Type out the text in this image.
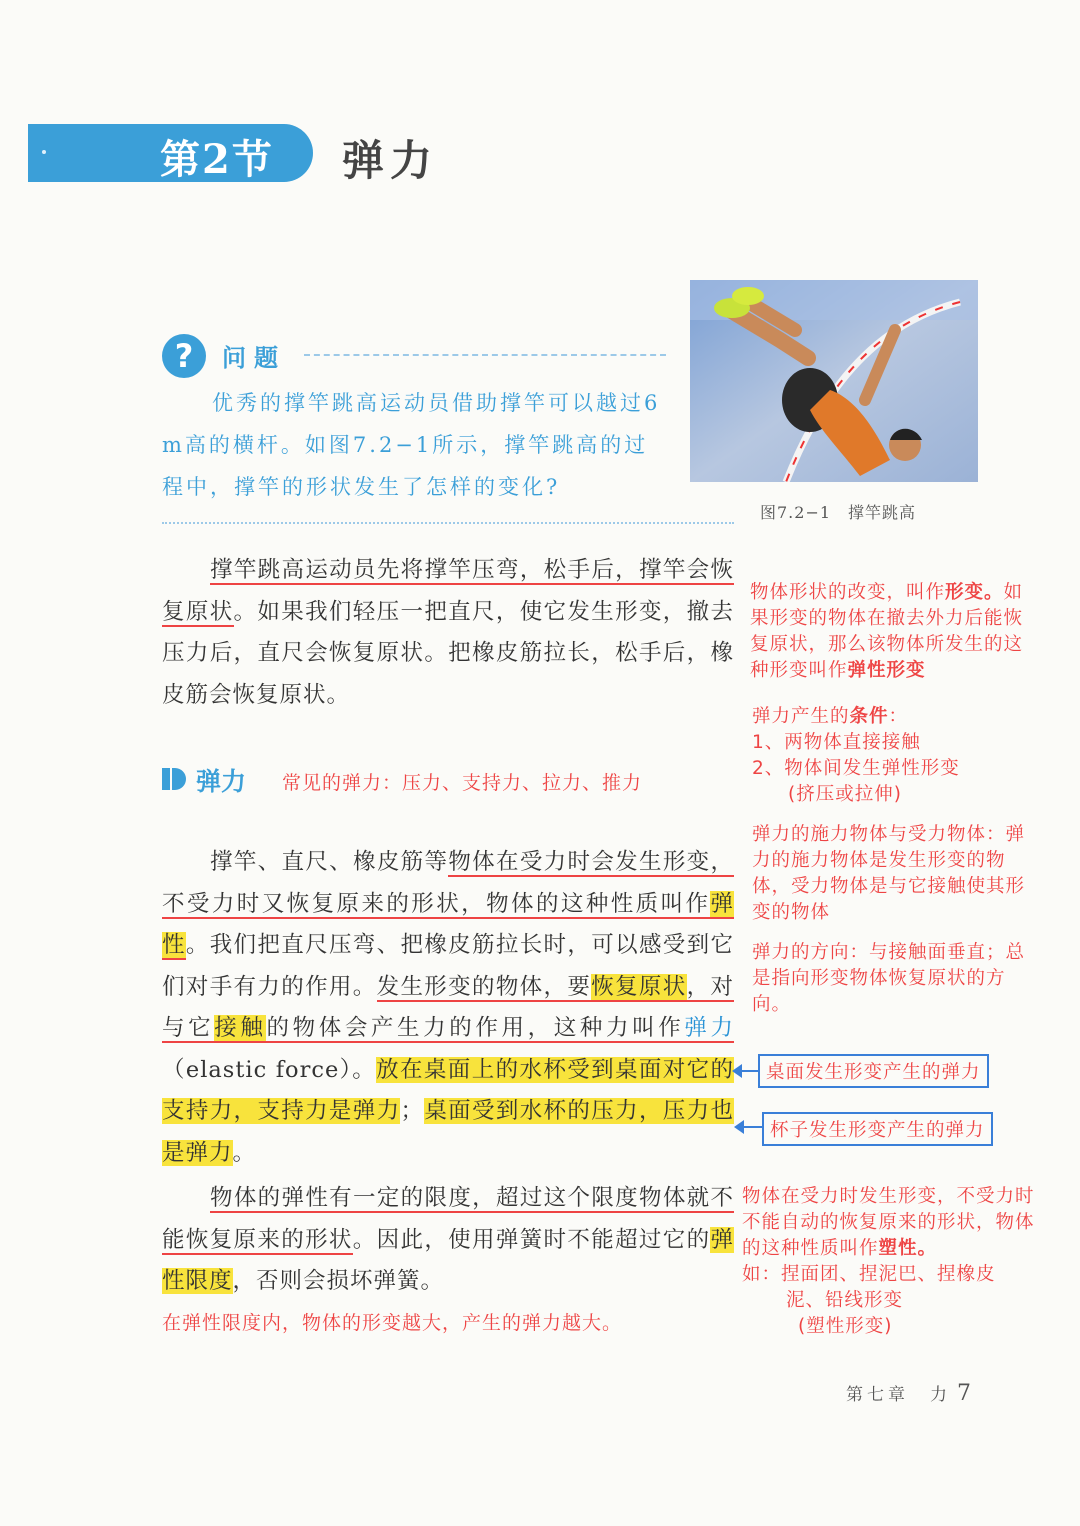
第2节 弹力
?	问题
优秀的撑竿跳高运动员借助撑竿可以越过6 m高的横杆。如图7.2−1所示，撑竿跳高的过程中，撑竿的形状发生了怎样的变化?
图7.2−1　撑竿跳高
撑竿跳高运动员先将撑竿压弯，松手后，撑竿会恢复原状。如果我们轻压一把直尺，使它发生形变，撤去压力后，直尺会恢复原状。把橡皮筋拉长，松手后，橡皮筋会恢复原状。
弹力 常见的弹力：压力、支持力、拉力、推力
撑竿、直尺、橡皮筋等物体在受力时会发生形变，不受力时又恢复原来的形状，物体的这种性质叫作弹性。我们把直尺压弯、把橡皮筋拉长时，可以感受到它们对手有力的作用。发生形变的物体，要恢复原状，对与它接触的物体会产生力的作用，这种力叫作弹力（elastic force）。放在桌面上的水杯受到桌面对它的支持力，支持力是弹力；桌面受到水杯的压力，压力也是弹力。
物体的弹性有一定的限度，超过这个限度物体就不能恢复原来的形状。因此，使用弹簧时不能超过它的弹性限度，否则会损坏弹簧。
在弹性限度内，物体的形变越大，产生的弹力越大。
物体形状的改变，叫作形变。如果形变的物体在撤去外力后能恢复原状，那么该物体所发生的这种形变叫作弹性形变
弹力产生的条件：
1、两物体直接接触
2、物体间发生弹性形变
(挤压或拉伸)
弹力的施力物体与受力物体：弹力的施力物体是发生形变的物体，受力物体是与它接触使其形变的物体
弹力的方向：与接触面垂直；总是指向形变物体恢复原状的方向。
桌面发生形变产生的弹力
杯子发生形变产生的弹力
物体在受力时发生形变，不受力时不能自动的恢复原来的形状，物体的这种性质叫作塑性。
如：捏面团、捏泥巴、捏橡皮
泥、铅线形变
(塑性形变)
第七章　力 7
